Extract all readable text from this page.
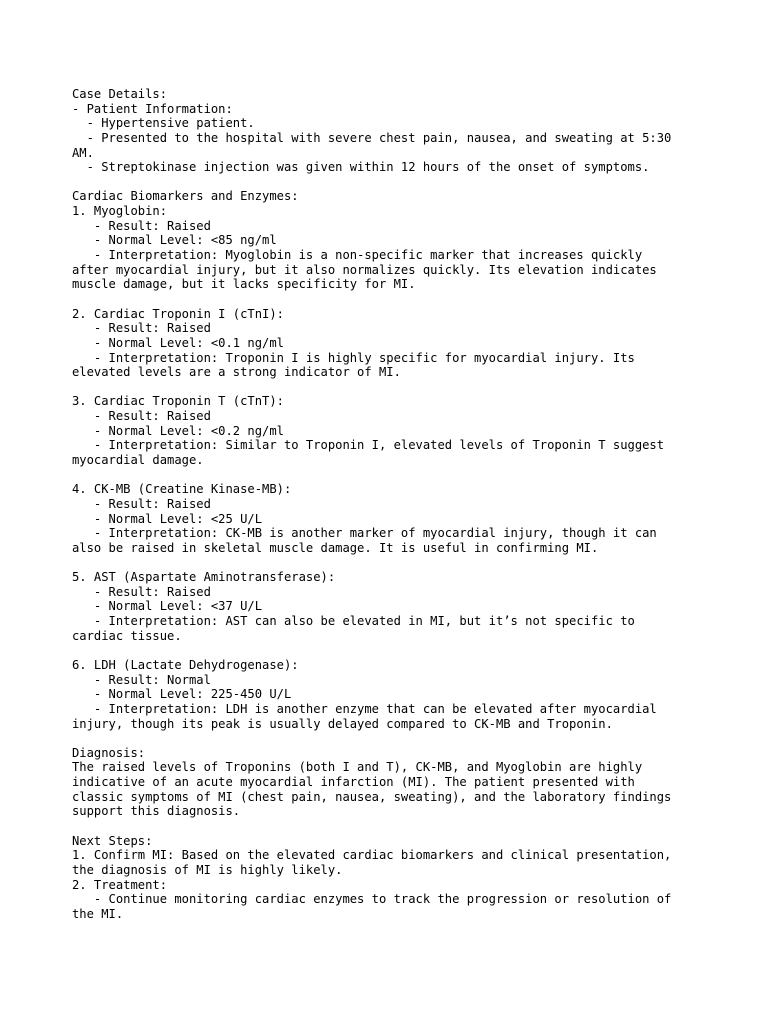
Case Details:
- Patient Information:
- Hypertensive patient.
- Presented to the hospital with severe chest pain, nausea, and sweating at 5:30
AM.
- Streptokinase injection was given within 12 hours of the onset of symptoms.
Cardiac Biomarkers and Enzymes:
1. Myoglobin:
- Result: Raised
- Normal Level: <85 ng/ml
- Interpretation: Myoglobin is a non-specific marker that increases quickly
after myocardial injury, but it also normalizes quickly. Its elevation indicates
muscle damage, but it lacks specificity for MI.
2. Cardiac Troponin I (cTnI):
- Result: Raised
- Normal Level: <0.1 ng/ml
- Interpretation: Troponin I is highly specific for myocardial injury. Its
elevated levels are a strong indicator of MI.
3. Cardiac Troponin T (cTnT):
- Result: Raised
- Normal Level: <0.2 ng/ml
- Interpretation: Similar to Troponin I, elevated levels of Troponin T suggest
myocardial damage.
4. CK-MB (Creatine Kinase-MB):
- Result: Raised
- Normal Level: <25 U/L
- Interpretation: CK-MB is another marker of myocardial injury, though it can
also be raised in skeletal muscle damage. It is useful in confirming MI.
5. AST (Aspartate Aminotransferase):
- Result: Raised
- Normal Level: <37 U/L
- Interpretation: AST can also be elevated in MI, but it’s not specific to
cardiac tissue.
6. LDH (Lactate Dehydrogenase):
- Result: Normal
- Normal Level: 225-450 U/L
- Interpretation: LDH is another enzyme that can be elevated after myocardial
injury, though its peak is usually delayed compared to CK-MB and Troponin.
Diagnosis:
The raised levels of Troponins (both I and T), CK-MB, and Myoglobin are highly
indicative of an acute myocardial infarction (MI). The patient presented with
classic symptoms of MI (chest pain, nausea, sweating), and the laboratory findings
support this diagnosis.
Next Steps:
1. Confirm MI: Based on the elevated cardiac biomarkers and clinical presentation,
the diagnosis of MI is highly likely.
2. Treatment:
- Continue monitoring cardiac enzymes to track the progression or resolution of
the MI.
